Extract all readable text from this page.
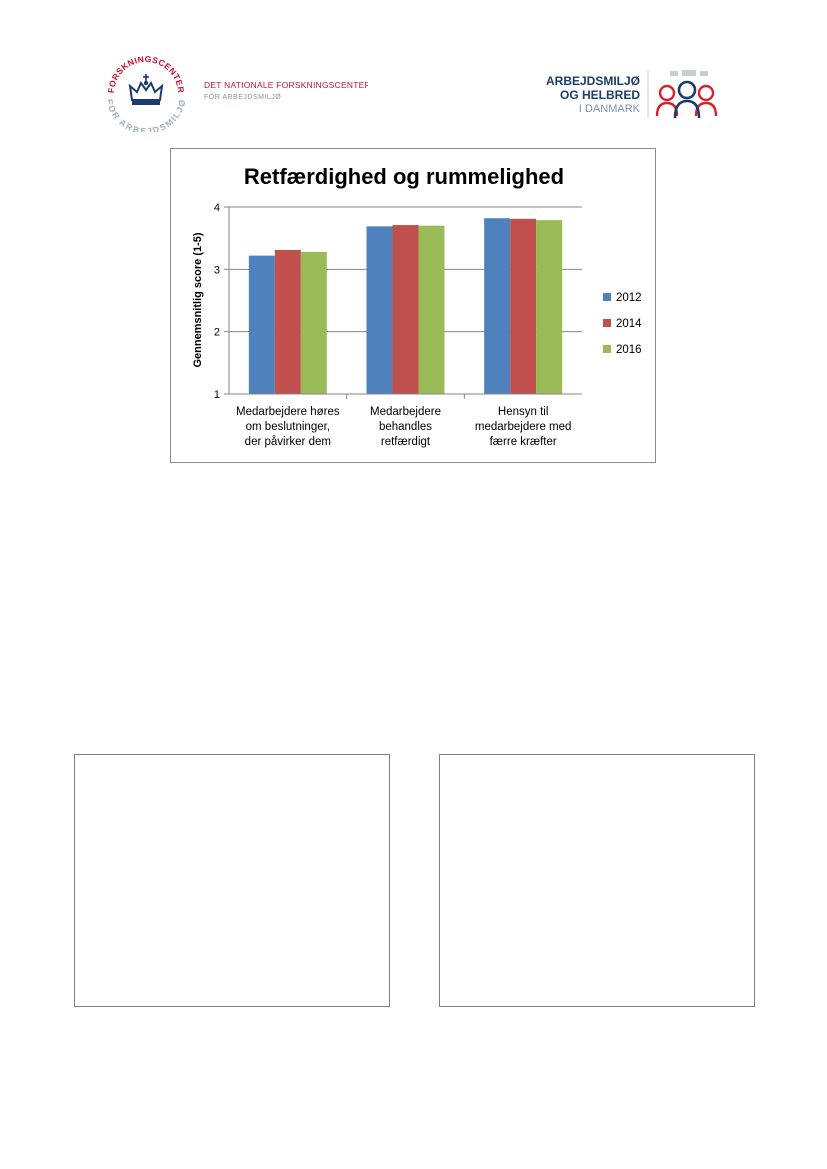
RSKNINGSCENTER
R ARBEJDSMILJØ
DET NATIONALE FORSKNINGSCENTER
FOR ARBEJDSMILJØ
ARBEJDSMILJØ
OG HELBRED
I DANMARK
Retfærdighed og rummelighed
Gennemsnitlig score (1-5)
1
2
3
4
Medarbejdere høres om beslutninger, der påvirker dem
Medarbejdere behandles retfærdigt
Hensyn til medarbejdere med færre kræfter
2012
2014
2016
